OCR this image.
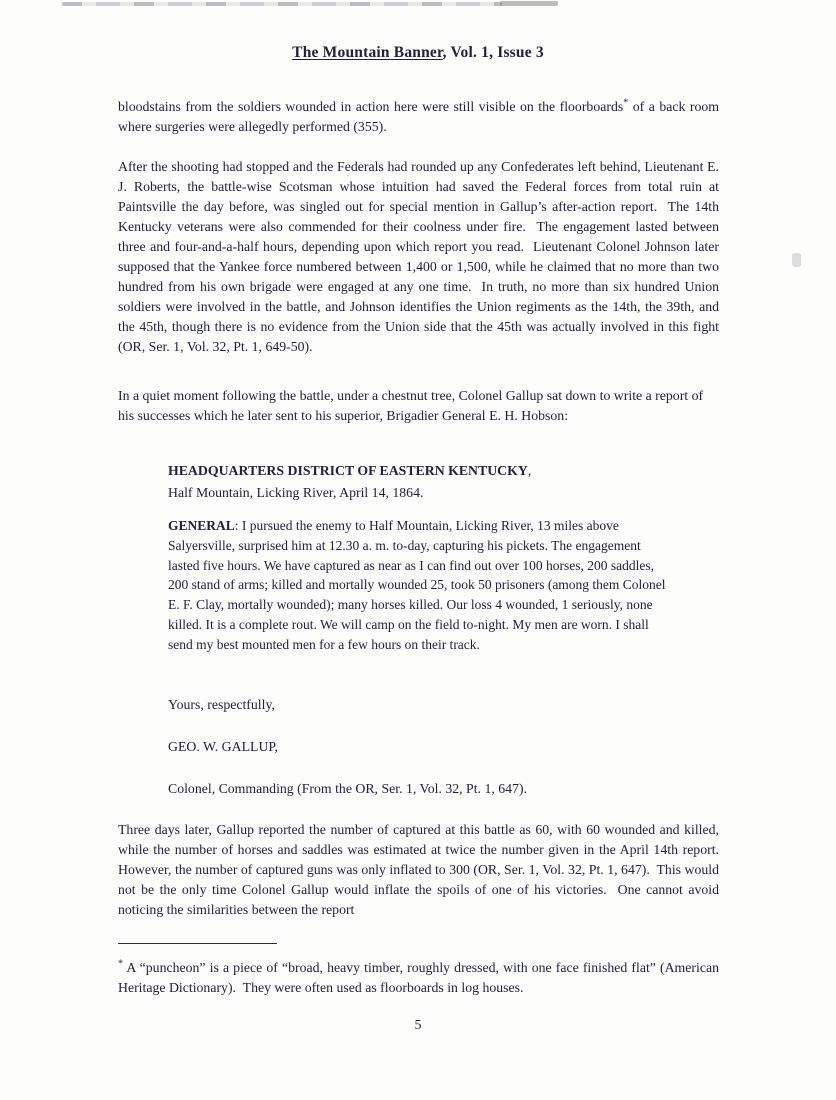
The Mountain Banner, Vol. 1, Issue 3

bloodstains from the soldiers wounded in action here were still visible on the floorboards* of a back room where surgeries were allegedly performed (355).

After the shooting had stopped and the Federals had rounded up any Confederates left behind, Lieutenant E. J. Roberts, the battle-wise Scotsman whose intuition had saved the Federal forces from total ruin at Paintsville the day before, was singled out for special mention in Gallup’s after-action report.  The 14th Kentucky veterans were also commended for their coolness under fire.  The engagement lasted between three and four-and-a-half hours, depending upon which report you read.  Lieutenant Colonel Johnson later supposed that the Yankee force numbered between 1,400 or 1,500, while he claimed that no more than two hundred from his own brigade were engaged at any one time.  In truth, no more than six hundred Union soldiers were involved in the battle, and Johnson identifies the Union regiments as the 14th, the 39th, and the 45th, though there is no evidence from the Union side that the 45th was actually involved in this fight (OR, Ser. 1, Vol. 32, Pt. 1, 649-50).

In a quiet moment following the battle, under a chestnut tree, Colonel Gallup sat down to write a report of his successes which he later sent to his superior, Brigadier General E. H. Hobson:

HEADQUARTERS DISTRICT OF EASTERN KENTUCKY,
Half Mountain, Licking River, April 14, 1864.

GENERAL: I pursued the enemy to Half Mountain, Licking River, 13 miles above Salyersville, surprised him at 12.30 a. m. to-day, capturing his pickets. The engagement lasted five hours. We have captured as near as I can find out over 100 horses, 200 saddles, 200 stand of arms; killed and mortally wounded 25, took 50 prisoners (among them Colonel E. F. Clay, mortally wounded); many horses killed. Our loss 4 wounded, 1 seriously, none killed. It is a complete rout. We will camp on the field to-night. My men are worn. I shall send my best mounted men for a few hours on their track.

Yours, respectfully,
GEO. W. GALLUP,
Colonel, Commanding (From the OR, Ser. 1, Vol. 32, Pt. 1, 647).

Three days later, Gallup reported the number of captured at this battle as 60, with 60 wounded and killed, while the number of horses and saddles was estimated at twice the number given in the April 14th report.  However, the number of captured guns was only inflated to 300 (OR, Ser. 1, Vol. 32, Pt. 1, 647).  This would not be the only time Colonel Gallup would inflate the spoils of one of his victories.  One cannot avoid noticing the similarities between the report

* A “puncheon” is a piece of “broad, heavy timber, roughly dressed, with one face finished flat” (American Heritage Dictionary).  They were often used as floorboards in log houses.

5
